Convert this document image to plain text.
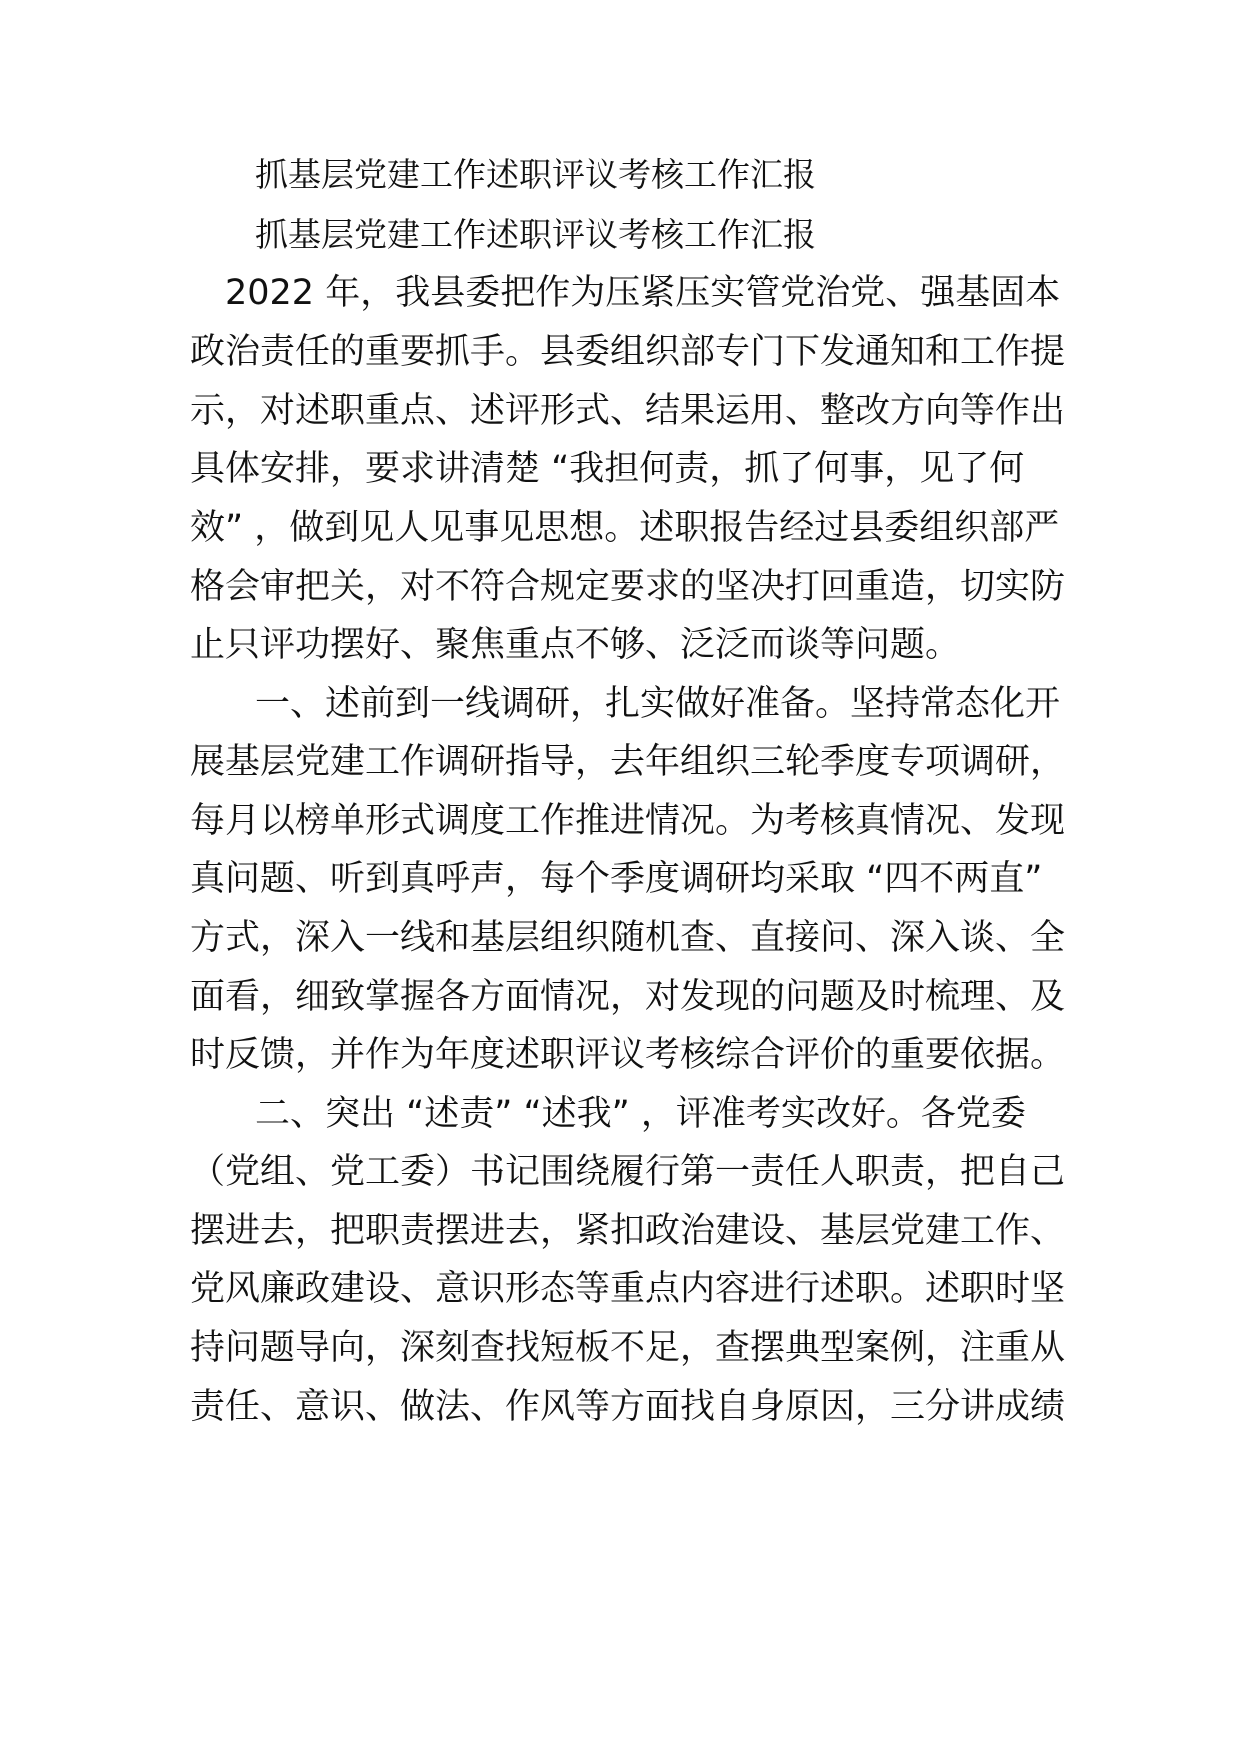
抓基层党建工作述职评议考核工作汇报
抓基层党建工作述职评议考核工作汇报
2022 年，我县委把作为压紧压实管党治党、强基固本
政治责任的重要抓手。县委组织部专门下发通知和工作提
示，对述职重点、述评形式、结果运用、整改方向等作出
具体安排，要求讲清楚 “我担何责，抓了何事，见了何
效” ，做到见人见事见思想。述职报告经过县委组织部严
格会审把关，对不符合规定要求的坚决打回重造，切实防
止只评功摆好、聚焦重点不够、泛泛而谈等问题。
一、述前到一线调研，扎实做好准备。坚持常态化开
展基层党建工作调研指导，去年组织三轮季度专项调研，
每月以榜单形式调度工作推进情况。为考核真情况、发现
真问题、听到真呼声，每个季度调研均采取 “四不两直”
方式，深入一线和基层组织随机查、直接问、深入谈、全
面看，细致掌握各方面情况，对发现的问题及时梳理、及
时反馈，并作为年度述职评议考核综合评价的重要依据。
二、突出 “述责” “述我” ，评准考实改好。各党委
（党组、党工委）书记围绕履行第一责任人职责，把自己
摆进去，把职责摆进去，紧扣政治建设、基层党建工作、
党风廉政建设、意识形态等重点内容进行述职。述职时坚
持问题导向，深刻查找短板不足，查摆典型案例，注重从
责任、意识、做法、作风等方面找自身原因，三分讲成绩
